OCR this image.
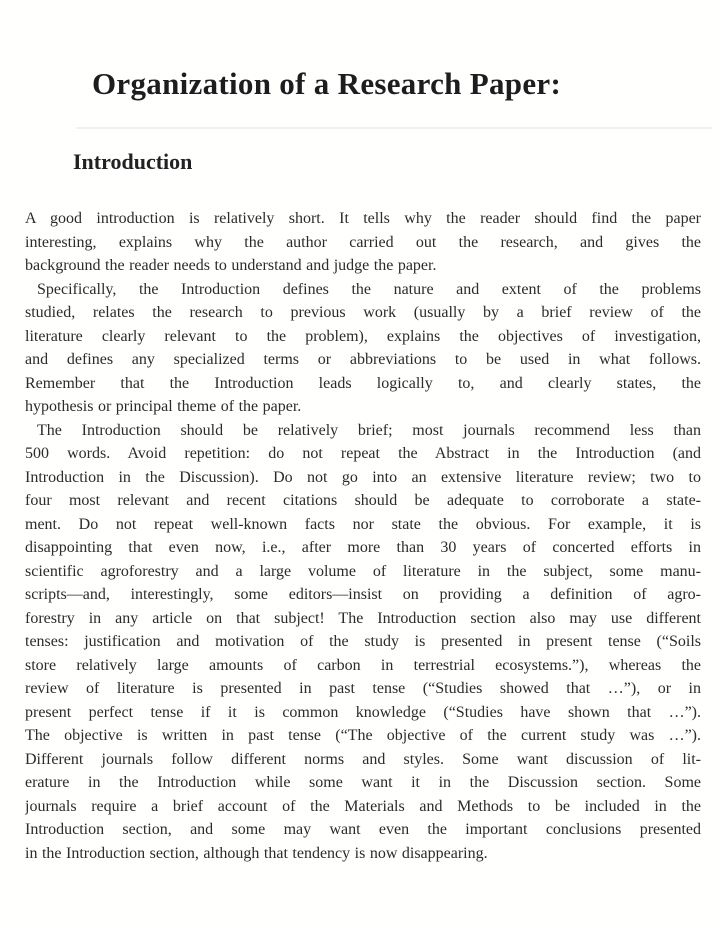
Organization of a Research Paper:
Introduction
A good introduction is relatively short. It tells why the reader should find the paper
interesting, explains why the author carried out the research, and gives the
background the reader needs to understand and judge the paper.
Specifically, the Introduction defines the nature and extent of the problems
studied, relates the research to previous work (usually by a brief review of the
literature clearly relevant to the problem), explains the objectives of investigation,
and defines any specialized terms or abbreviations to be used in what follows.
Remember that the Introduction leads logically to, and clearly states, the
hypothesis or principal theme of the paper.
The Introduction should be relatively brief; most journals recommend less than
500 words. Avoid repetition: do not repeat the Abstract in the Introduction (and
Introduction in the Discussion). Do not go into an extensive literature review; two to
four most relevant and recent citations should be adequate to corroborate a state-
ment. Do not repeat well-known facts nor state the obvious. For example, it is
disappointing that even now, i.e., after more than 30 years of concerted efforts in
scientific agroforestry and a large volume of literature in the subject, some manu-
scripts—and, interestingly, some editors—insist on providing a definition of agro-
forestry in any article on that subject! The Introduction section also may use different
tenses: justification and motivation of the study is presented in present tense (“Soils
store relatively large amounts of carbon in terrestrial ecosystems.”), whereas the
review of literature is presented in past tense (“Studies showed that …”), or in
present perfect tense if it is common knowledge (“Studies have shown that …”).
The objective is written in past tense (“The objective of the current study was …”).
Different journals follow different norms and styles. Some want discussion of lit-
erature in the Introduction while some want it in the Discussion section. Some
journals require a brief account of the Materials and Methods to be included in the
Introduction section, and some may want even the important conclusions presented
in the Introduction section, although that tendency is now disappearing.
